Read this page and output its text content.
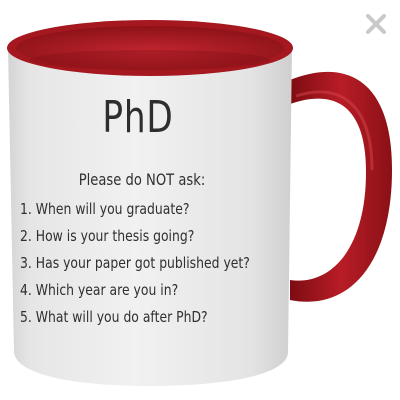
PhD
Please do NOT ask:
1. When will you graduate?
2. How is your thesis going?
3. Has your paper got published yet?
4. Which year are you in?
5. What will you do after PhD?
